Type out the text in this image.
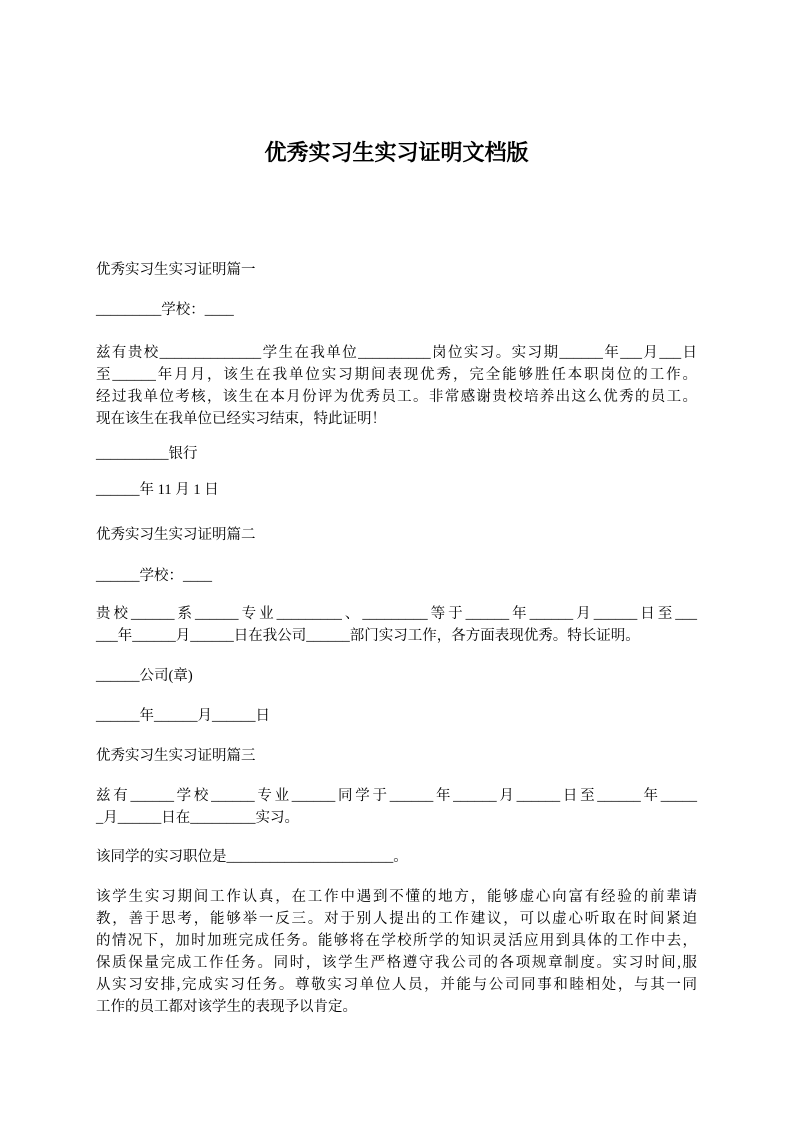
优秀实习生实习证明文档版
优秀实习生实习证明篇一
_________学校：____
兹有贵校______________学生在我单位__________岗位实习。实习期______年___月___日
至______年月月，该生在我单位实习期间表现优秀，完全能够胜任本职岗位的工作。
经过我单位考核，该生在本月份评为优秀员工。非常感谢贵校培养出这么优秀的员工。
现在该生在我单位已经实习结束，特此证明！
__________银行
______年 11 月 1 日
优秀实习生实习证明篇二
______学校：____
贵校______系______专业_________、_________等于______年______月______日至___
___年______月______日在我公司______部门实习工作，各方面表现优秀。特长证明。
______公司(章)
______年______月______日
优秀实习生实习证明篇三
兹有______学校______专业______同学于______年______月______日至______年_____
_月______日在_________实习。
该同学的实习职位是_______________________。
该学生实习期间工作认真，在工作中遇到不懂的地方，能够虚心向富有经验的前辈请
教，善于思考，能够举一反三。对于别人提出的工作建议，可以虚心听取在时间紧迫
的情况下，加时加班完成任务。能够将在学校所学的知识灵活应用到具体的工作中去，
保质保量完成工作任务。同时，该学生严格遵守我公司的各项规章制度。实习时间,服
从实习安排,完成实习任务。尊敬实习单位人员，并能与公司同事和睦相处，与其一同
工作的员工都对该学生的表现予以肯定。
